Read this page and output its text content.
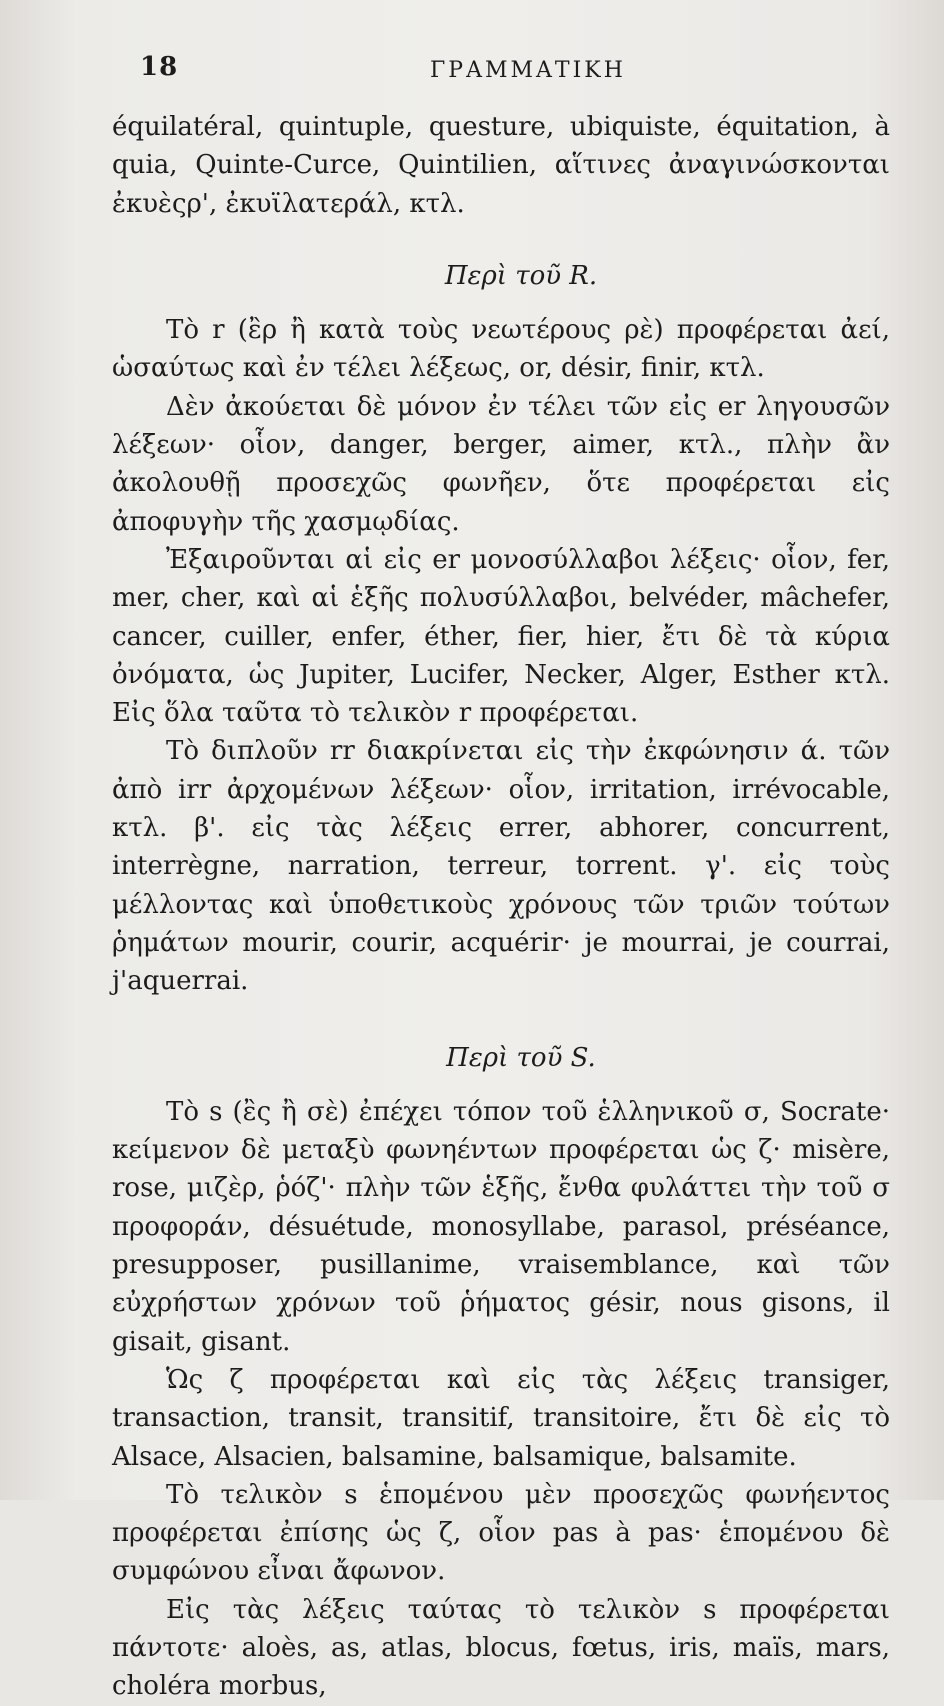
18	ΓΡΑΜΜΑΤΙΚΗ

équilatéral, quintuple, questure, ubiquiste, équitation, à quia, Quinte-Curce, Quintilien, αἵτινες ἀναγινώσκονται ἐκυὲςρ', ἐκυϊλατεράλ, κτλ.

Περὶ τοῦ R.

Τὸ r (ἒρ ἢ κατὰ τοὺς νεωτέρους ρὲ) προφέρεται ἀεί, ὡσαύτως καὶ ἐν τέλει λέξεως, or, désir, finir, κτλ.

Δὲν ἀκούεται δὲ μόνον ἐν τέλει τῶν εἰς er ληγουσῶν λέξεων· οἷον, danger, berger, aimer, κτλ., πλὴν ἂν ἀκολουθῇ προσεχῶς φωνῆεν, ὅτε προφέρεται εἰς ἀποφυγὴν τῆς χασμῳδίας.

Ἐξαιροῦνται αἱ εἰς er μονοσύλλαβοι λέξεις· οἷον, fer, mer, cher, καὶ αἱ ἑξῆς πολυσύλλαβοι, belvéder, mâchefer, cancer, cuiller, enfer, éther, fier, hier, ἔτι δὲ τὰ κύρια ὀνόματα, ὡς Jupiter, Lucifer, Necker, Alger, Esther κτλ. Εἰς ὅλα ταῦτα τὸ τελικὸν r προφέρεται.

Τὸ διπλοῦν rr διακρίνεται εἰς τὴν ἐκφώνησιν ά. τῶν ἀπὸ irr ἀρχομένων λέξεων· οἷον, irritation, irrévocable, κτλ. β'. εἰς τὰς λέξεις errer, abhorer, concurrent, interrègne, narration, terreur, torrent. γ'. εἰς τοὺς μέλλοντας καὶ ὑποθετικοὺς χρόνους τῶν τριῶν τούτων ῥημάτων mourir, courir, acquérir· je mourrai, je courrai, j'aquerrai.

Περὶ τοῦ S.

Τὸ s (ἒς ἢ σὲ) ἐπέχει τόπον τοῦ ἑλληνικοῦ σ, Socrate· κείμενον δὲ μεταξὺ φωνηέντων προφέρεται ὡς ζ· misère, rose, μιζὲρ, ῥόζ'· πλὴν τῶν ἑξῆς, ἔνθα φυλάττει τὴν τοῦ σ προφοράν, désuétude, monosyllabe, parasol, préséance, presupposer, pusillanime, vraisemblance, καὶ τῶν εὐχρήστων χρόνων τοῦ ῥήματος gésir, nous gisons, il gisait, gisant.

Ὡς ζ προφέρεται καὶ εἰς τὰς λέξεις transiger, transaction, transit, transitif, transitoire, ἔτι δὲ εἰς τὸ Alsace, Alsacien, balsamine, balsamique, balsamite.

Τὸ τελικὸν s ἑπομένου μὲν προσεχῶς φωνήεντος προφέρεται ἐπίσης ὡς ζ, οἷον pas à pas· ἑπομένου δὲ συμφώνου εἶναι ἄφωνον.

Εἰς τὰς λέξεις ταύτας τὸ τελικὸν s προφέρεται πάντοτε· aloès, as, atlas, blocus, fœtus, iris, maïs, mars, choléra morbus,
